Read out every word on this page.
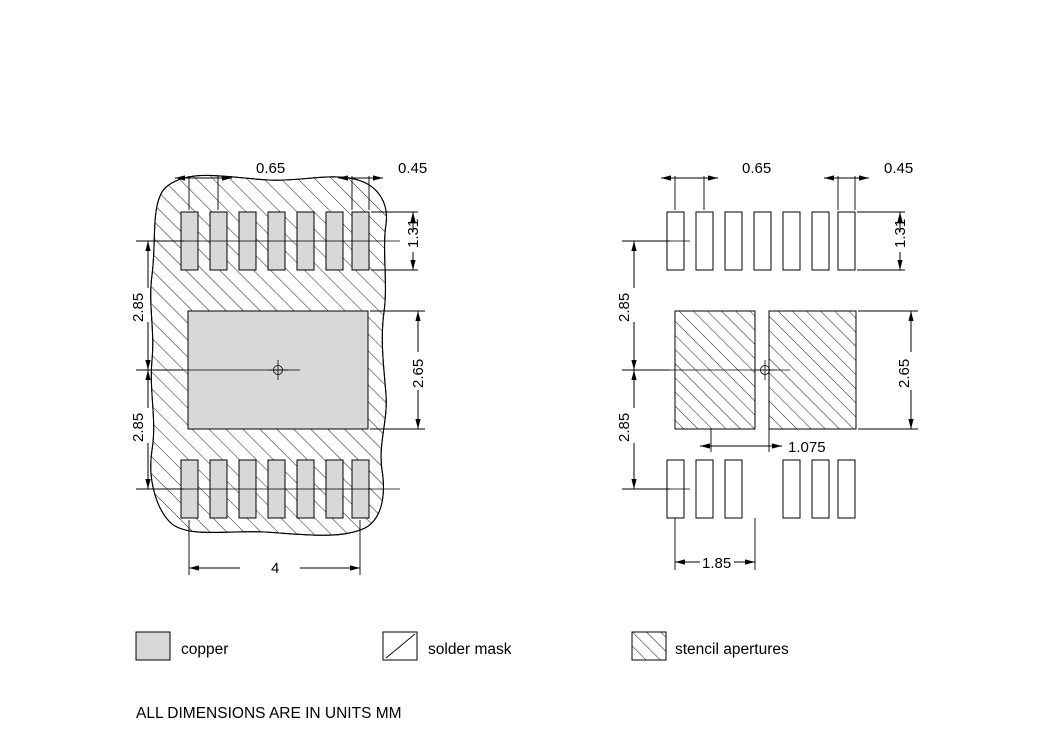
0.65	0.45
1.31
2.65
2.85
2.85
4
0.65	0.45
1.31
2.65
2.85
2.85
1.075
1.85
copper	solder mask	stencil apertures
ALL DIMENSIONS ARE IN UNITS MM
